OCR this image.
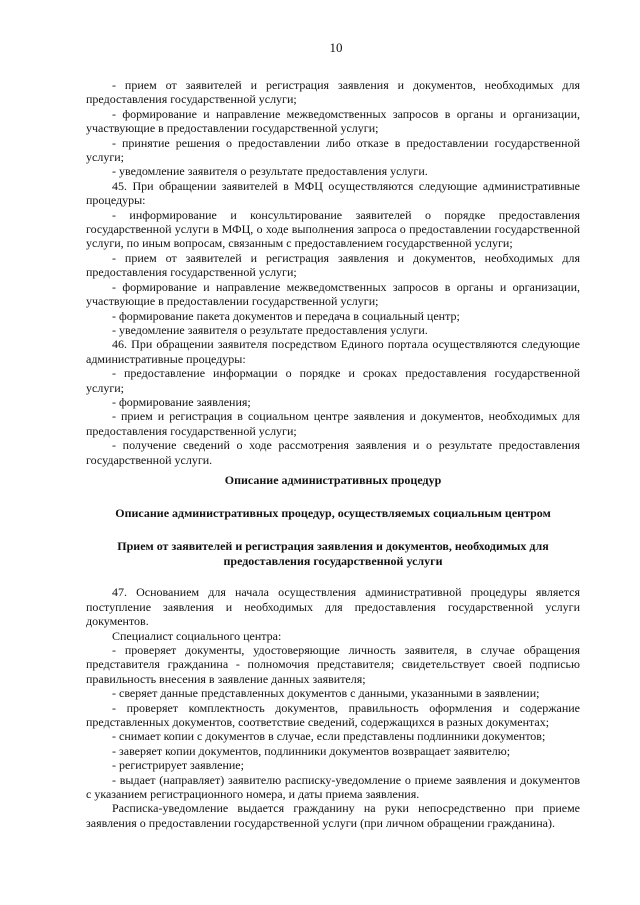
10

- прием от заявителей и регистрация заявления и документов, необходимых для предоставления государственной услуги;

- формирование и направление межведомственных запросов в органы и организации, участвующие в предоставлении государственной услуги;

- принятие решения о предоставлении либо отказе в предоставлении государственной услуги;

- уведомление заявителя о результате предоставления услуги.

45. При обращении заявителей в МФЦ осуществляются следующие административные процедуры:

- информирование и консультирование заявителей о порядке предоставления государственной услуги в МФЦ, о ходе выполнения запроса о предоставлении государственной услуги, по иным вопросам, связанным с предоставлением государственной услуги;

- прием от заявителей и регистрация заявления и документов, необходимых для предоставления государственной услуги;

- формирование и направление межведомственных запросов в органы и организации, участвующие в предоставлении государственной услуги;

- формирование пакета документов и передача в социальный центр;

- уведомление заявителя о результате предоставления услуги.

46. При обращении заявителя посредством Единого портала осуществляются следующие административные процедуры:

- предоставление информации о порядке и сроках предоставления государственной услуги;

- формирование заявления;

- прием и регистрация в социальном центре заявления и документов, необходимых для предоставления государственной услуги;

- получение сведений о ходе рассмотрения заявления и о результате предоставления государственной услуги.

Описание административных процедур
Описание административных процедур, осуществляемых социальным центром
Прием от заявителей и регистрация заявления и документов, необходимых для предоставления государственной услуги

47. Основанием для начала осуществления административной процедуры является поступление заявления и необходимых для предоставления государственной услуги документов.

Специалист социального центра:

- проверяет документы, удостоверяющие личность заявителя, в случае обращения представителя гражданина - полномочия представителя; свидетельствует своей подписью правильность внесения в заявление данных заявителя;

- сверяет данные представленных документов с данными, указанными в заявлении;

- проверяет комплектность документов, правильность оформления и содержание представленных документов, соответствие сведений, содержащихся в разных документах;

- снимает копии с документов в случае, если представлены подлинники документов;

- заверяет копии документов, подлинники документов возвращает заявителю;

- регистрирует заявление;

- выдает (направляет) заявителю расписку-уведомление о приеме заявления и документов с указанием регистрационного номера, и даты приема заявления.

Расписка-уведомление выдается гражданину на руки непосредственно при приеме заявления о предоставлении государственной услуги (при личном обращении гражданина).
